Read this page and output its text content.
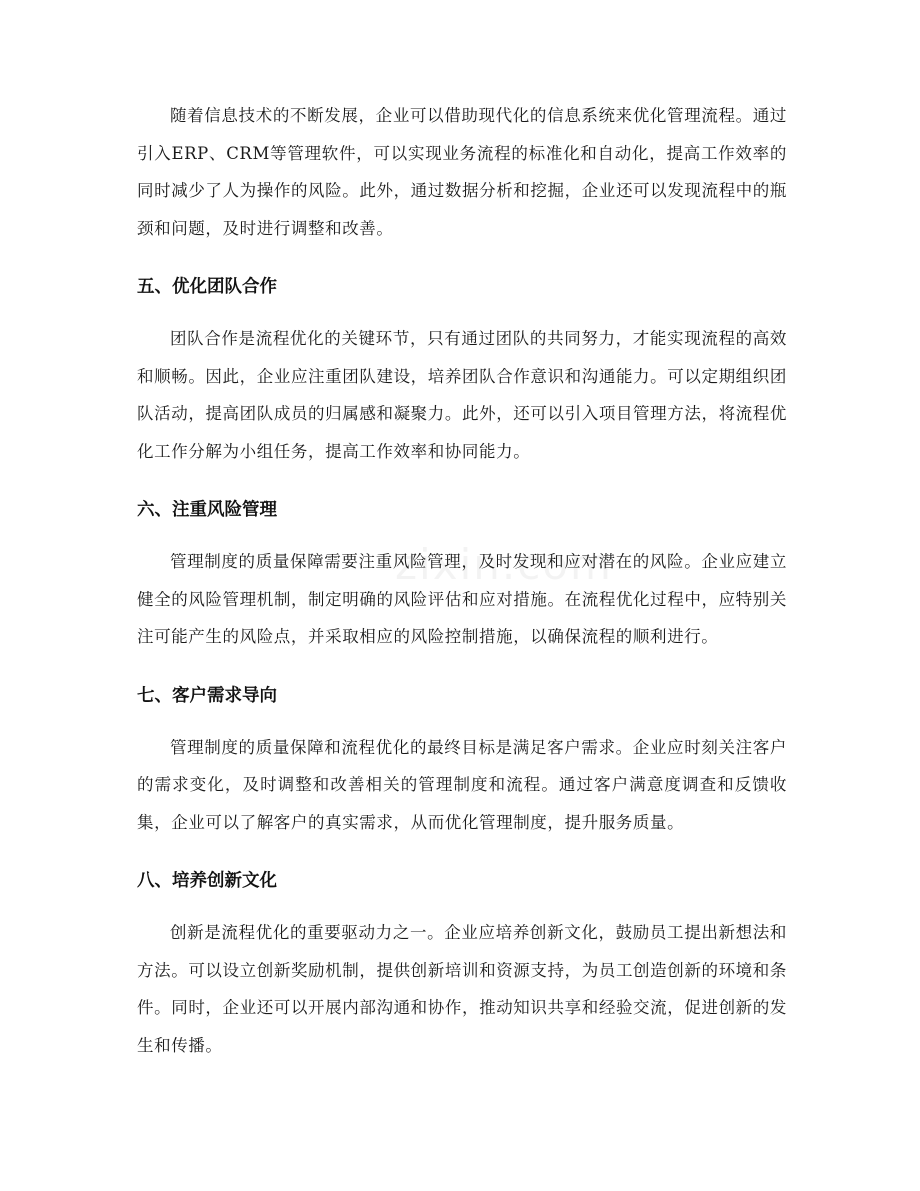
随着信息技术的不断发展，企业可以借助现代化的信息系统来优化管理流程。通过引入ERP、CRM等管理软件，可以实现业务流程的标准化和自动化，提高工作效率的同时减少了人为操作的风险。此外，通过数据分析和挖掘，企业还可以发现流程中的瓶颈和问题，及时进行调整和改善。

五、优化团队合作

团队合作是流程优化的关键环节，只有通过团队的共同努力，才能实现流程的高效和顺畅。因此，企业应注重团队建设，培养团队合作意识和沟通能力。可以定期组织团队活动，提高团队成员的归属感和凝聚力。此外，还可以引入项目管理方法，将流程优化工作分解为小组任务，提高工作效率和协同能力。

六、注重风险管理

管理制度的质量保障需要注重风险管理，及时发现和应对潜在的风险。企业应建立健全的风险管理机制，制定明确的风险评估和应对措施。在流程优化过程中，应特别关注可能产生的风险点，并采取相应的风险控制措施，以确保流程的顺利进行。

七、客户需求导向

管理制度的质量保障和流程优化的最终目标是满足客户需求。企业应时刻关注客户的需求变化，及时调整和改善相关的管理制度和流程。通过客户满意度调查和反馈收集，企业可以了解客户的真实需求，从而优化管理制度，提升服务质量。

八、培养创新文化

创新是流程优化的重要驱动力之一。企业应培养创新文化，鼓励员工提出新想法和方法。可以设立创新奖励机制，提供创新培训和资源支持，为员工创造创新的环境和条件。同时，企业还可以开展内部沟通和协作，推动知识共享和经验交流，促进创新的发生和传播。
